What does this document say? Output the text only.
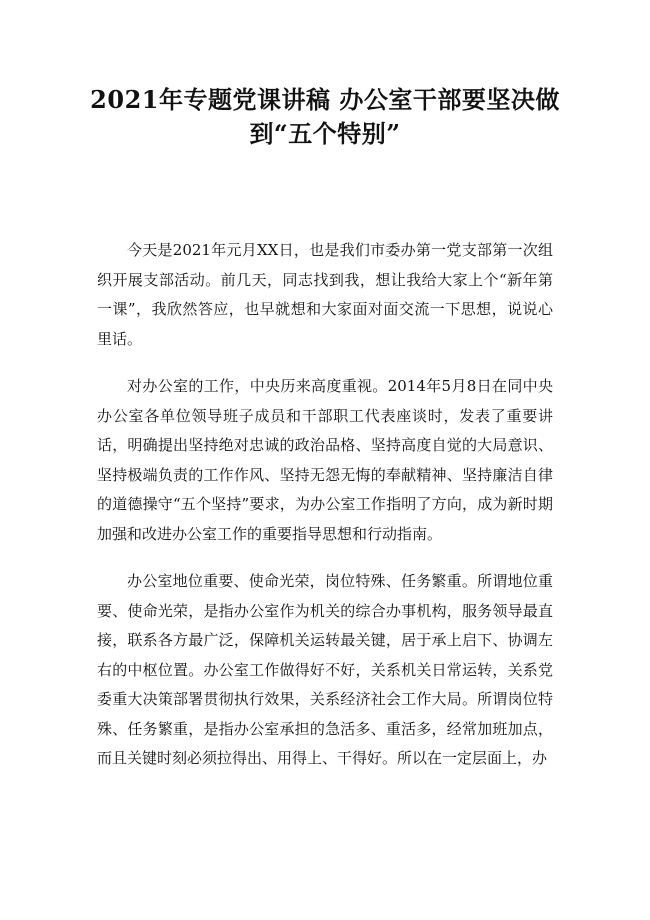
2021年专题党课讲稿 办公室干部要坚决做
到“五个特别”

今天是2021年元月XX日，也是我们市委办第一党支部第一次组织开展支部活动。前几天，同志找到我，想让我给大家上个“新年第一课”，我欣然答应，也早就想和大家面对面交流一下思想，说说心里话。

对办公室的工作，中央历来高度重视。2014年5月8日在同中央办公室各单位领导班子成员和干部职工代表座谈时，发表了重要讲话，明确提出坚持绝对忠诚的政治品格、坚持高度自觉的大局意识、坚持极端负责的工作作风、坚持无怨无悔的奉献精神、坚持廉洁自律的道德操守“五个坚持”要求，为办公室工作指明了方向，成为新时期加强和改进办公室工作的重要指导思想和行动指南。

办公室地位重要、使命光荣，岗位特殊、任务繁重。所谓地位重要、使命光荣，是指办公室作为机关的综合办事机构，服务领导最直接，联系各方最广泛，保障机关运转最关键，居于承上启下、协调左右的中枢位置。办公室工作做得好不好，关系机关日常运转，关系党委重大决策部署贯彻执行效果，关系经济社会工作大局。所谓岗位特殊、任务繁重，是指办公室承担的急活多、重活多，经常加班加点，而且关键时刻必须拉得出、用得上、干得好。所以在一定层面上，办
